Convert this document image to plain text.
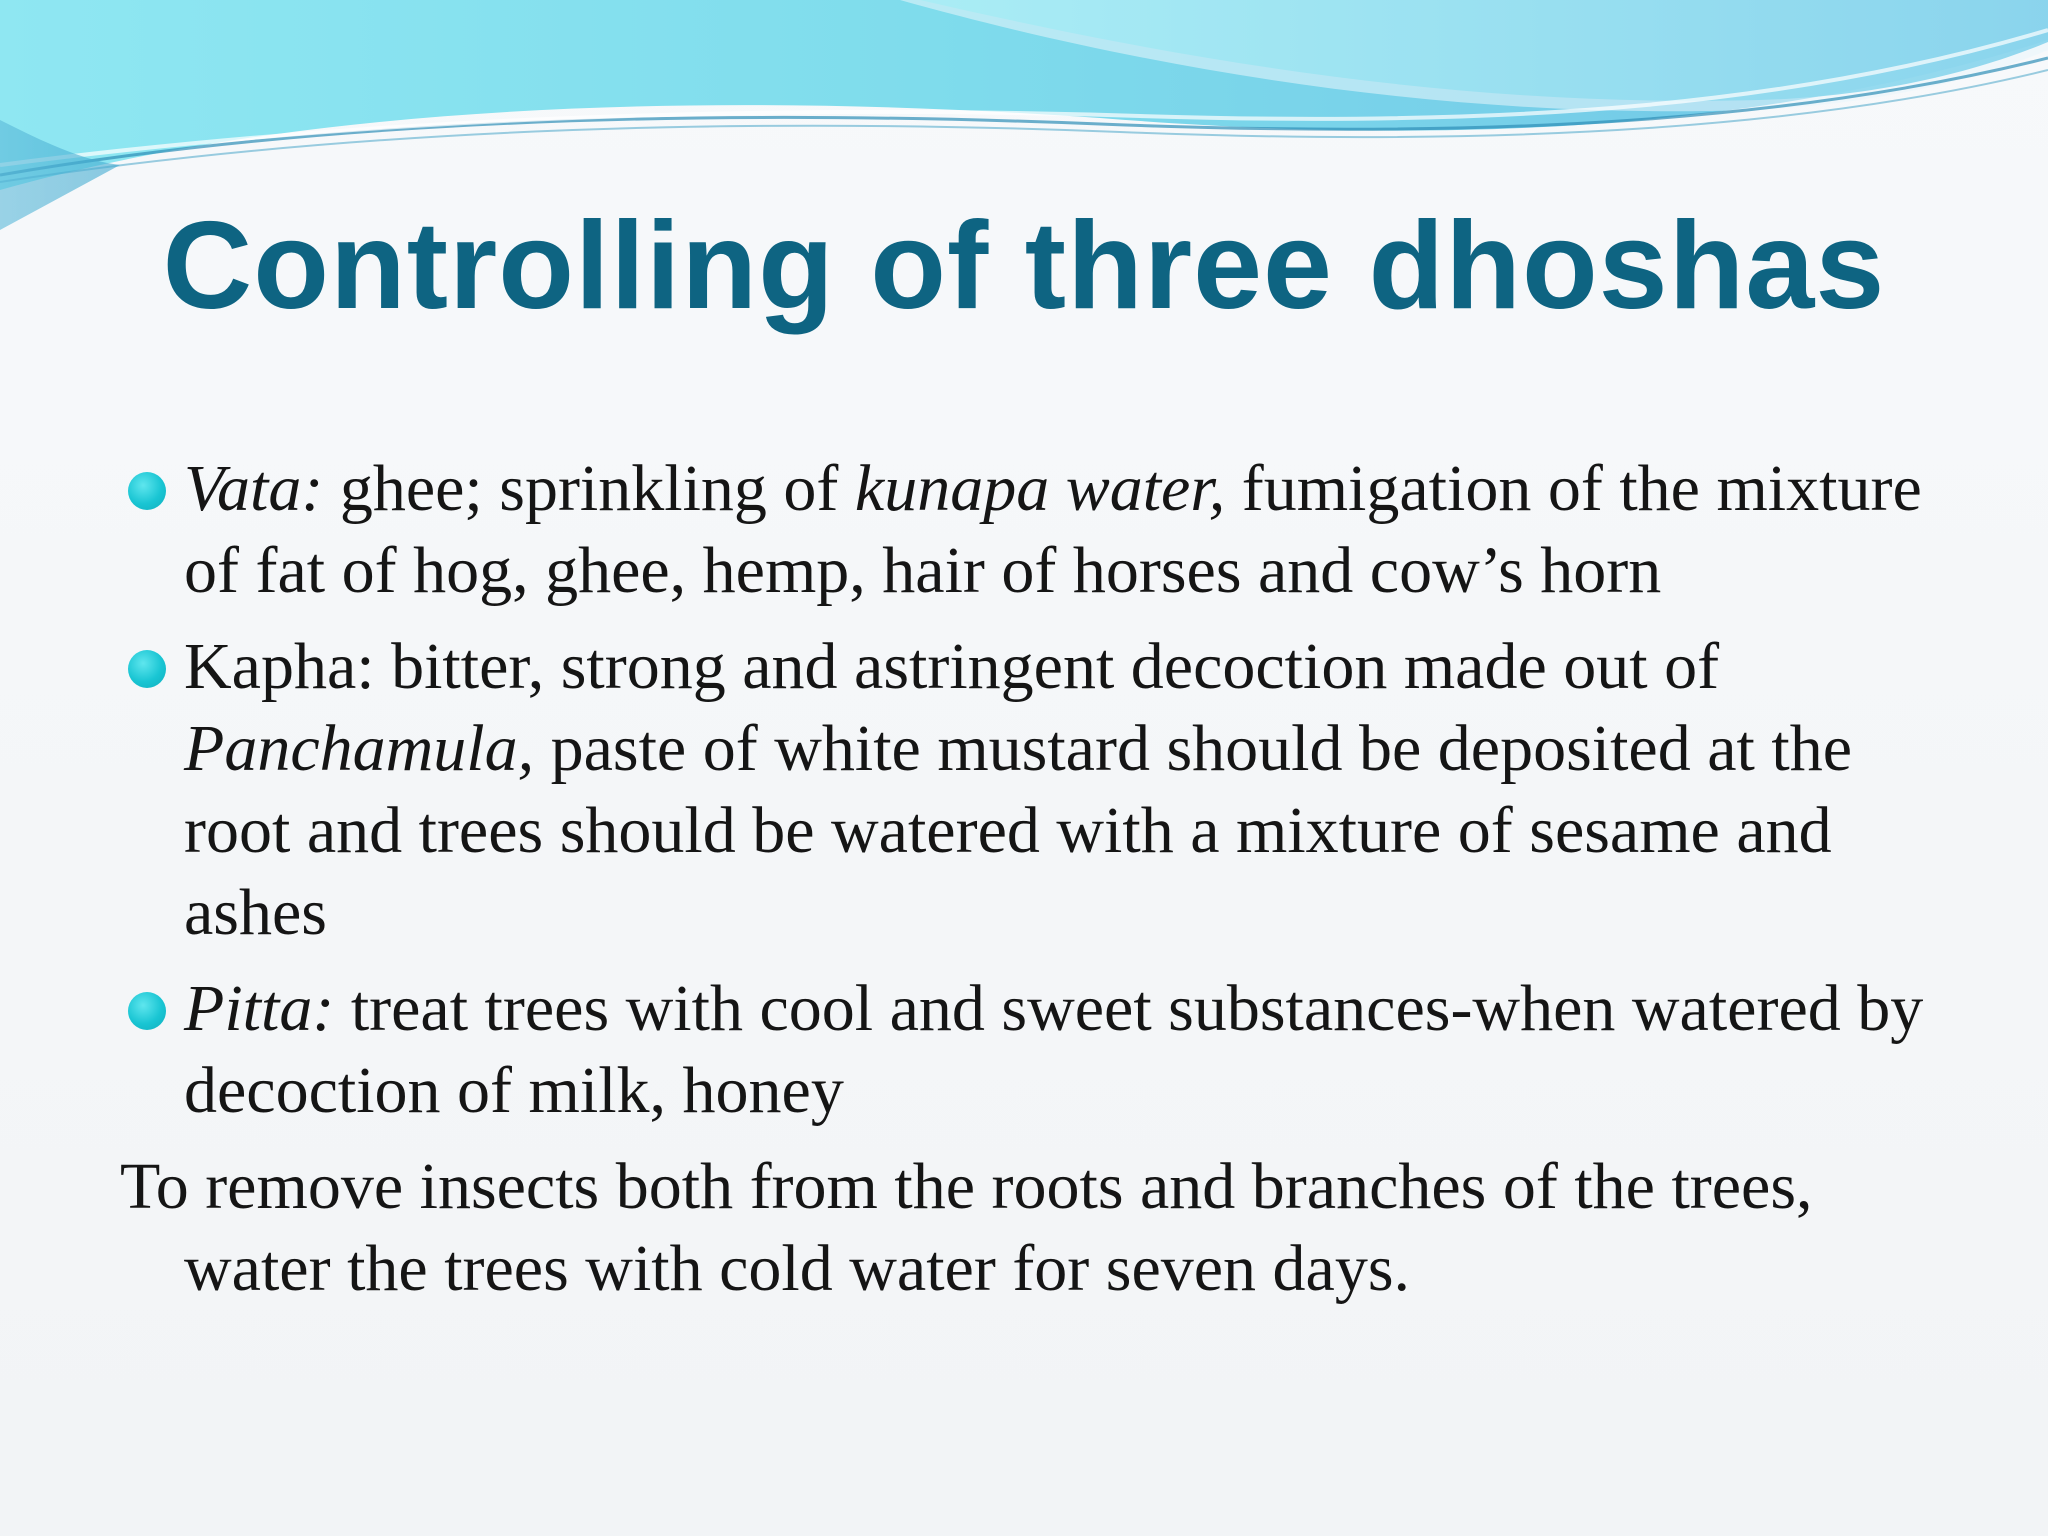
Controlling of three dhoshas

Vata: ghee; sprinkling of kunapa water, fumigation of the mixture of fat of hog, ghee, hemp, hair of horses and cow’s horn

Kapha: bitter, strong and astringent decoction made out of Panchamula, paste of white mustard should be deposited at the root and trees should be watered with a mixture of sesame and ashes

Pitta: treat trees with cool and sweet substances-when watered by decoction of milk, honey

To remove insects both from the roots and branches of the trees, water the trees with cold water for seven days.
